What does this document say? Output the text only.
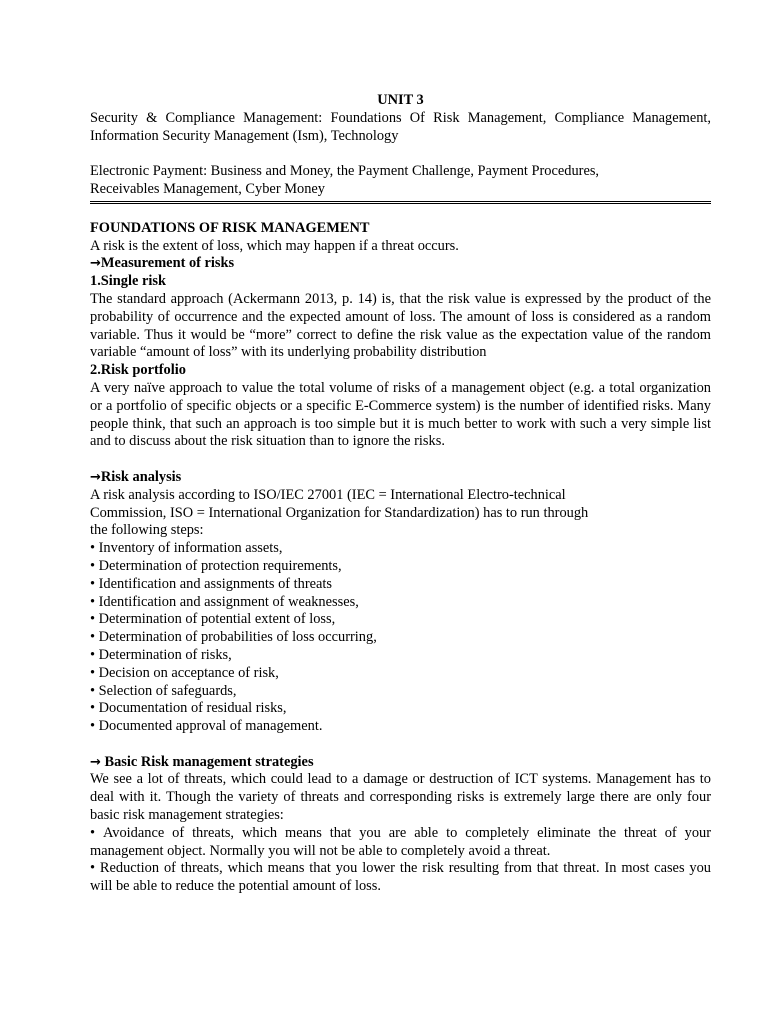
UNIT 3

Security & Compliance Management: Foundations Of Risk Management, Compliance Management, Information Security Management (Ism), Technology

Electronic Payment: Business and Money, the Payment Challenge, Payment Procedures,

Receivables Management, Cyber Money

FOUNDATIONS OF RISK MANAGEMENT

A risk is the extent of loss, which may happen if a threat occurs.

→Measurement of risks

1.Single risk

The standard approach (Ackermann 2013, p. 14) is, that the risk value is expressed by the product of the probability of occurrence and the expected amount of loss. The amount of loss is considered as a random variable. Thus it would be “more” correct to define the risk value as the expectation value of the random variable “amount of loss” with its underlying probability distribution

2.Risk portfolio

A very naïve approach to value the total volume of risks of a management object (e.g. a total organization or a portfolio of specific objects or a specific E-Commerce system) is the number of identified risks. Many people think, that such an approach is too simple but it is much better to work with such a very simple list and to discuss about the risk situation than to ignore the risks.

→Risk analysis

A risk analysis according to ISO/IEC 27001 (IEC = International Electro-technical

Commission, ISO = International Organization for Standardization) has to run through

the following steps:

• Inventory of information assets,
• Determination of protection requirements,
• Identification and assignments of threats
• Identification and assignment of weaknesses,
• Determination of potential extent of loss,
• Determination of probabilities of loss occurring,
• Determination of risks,
• Decision on acceptance of risk,
• Selection of safeguards,
• Documentation of residual risks,
• Documented approval of management.

→ Basic Risk management strategies

We see a lot of threats, which could lead to a damage or destruction of ICT systems. Management has to deal with it. Though the variety of threats and corresponding risks is extremely large there are only four basic risk management strategies:

• Avoidance of threats, which means that you are able to completely eliminate the threat of your management object. Normally you will not be able to completely avoid a threat.
• Reduction of threats, which means that you lower the risk resulting from that threat. In most cases you will be able to reduce the potential amount of loss.
